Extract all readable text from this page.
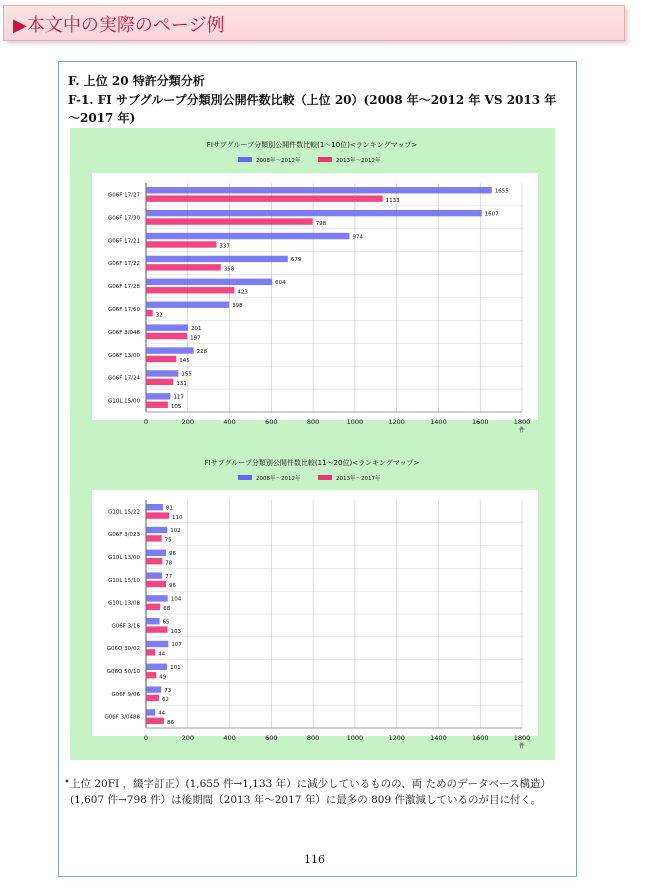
▶本文中の実際のページ例
F. 上位 20 特許分類分析
F-1. FI サブグループ分類別公開件数比較（上位 20）(2008 年～2012 年 VS 2013 年～2017 年)
FIサブグループ分類別公開件数比較(1～10位)<ランキングマップ>
2008年～2012年	2013年～2012年
0	200	400	600	800	1000	1200	1400	1600	1800
件
G06F 17/27
1655
1133
G06F 17/30
1607
798
G06F 17/21
974
337
G06F 17/22
679
358
G06F 17/28
604
423
G06F 17/60
398
32
G06F 3/048
201
197
G06F 13/00
228
145
G06F 17/24
155
131
G10L 15/00
117
105
FIサブグループ分類別公開件数比較(11～20位)<ランキングマップ>
2008年～2012年	2013年～2017年
0	200	400	600	800	1000	1200	1400	1600	1800
件
G10L 15/22
81
110
G06F 3/023
102
75
G10L 13/00
96
78
G10L 15/10
77
96
G10L 13/08
104
68
G06F 3/16
65
103
G06Q 30/02
107
44
G06Q 50/10
101
49
G06F 9/06
73
62
G06F 3/0488
44
86
• 上位 20FI ，綴字訂正）(1,655 件→1,133 年）に減少しているものの、両 ためのデータベース構造）(1,607 件→798 件）は後期間（2013 年～2017 年）に最多の 809 件激減しているのが目に付く。
116
